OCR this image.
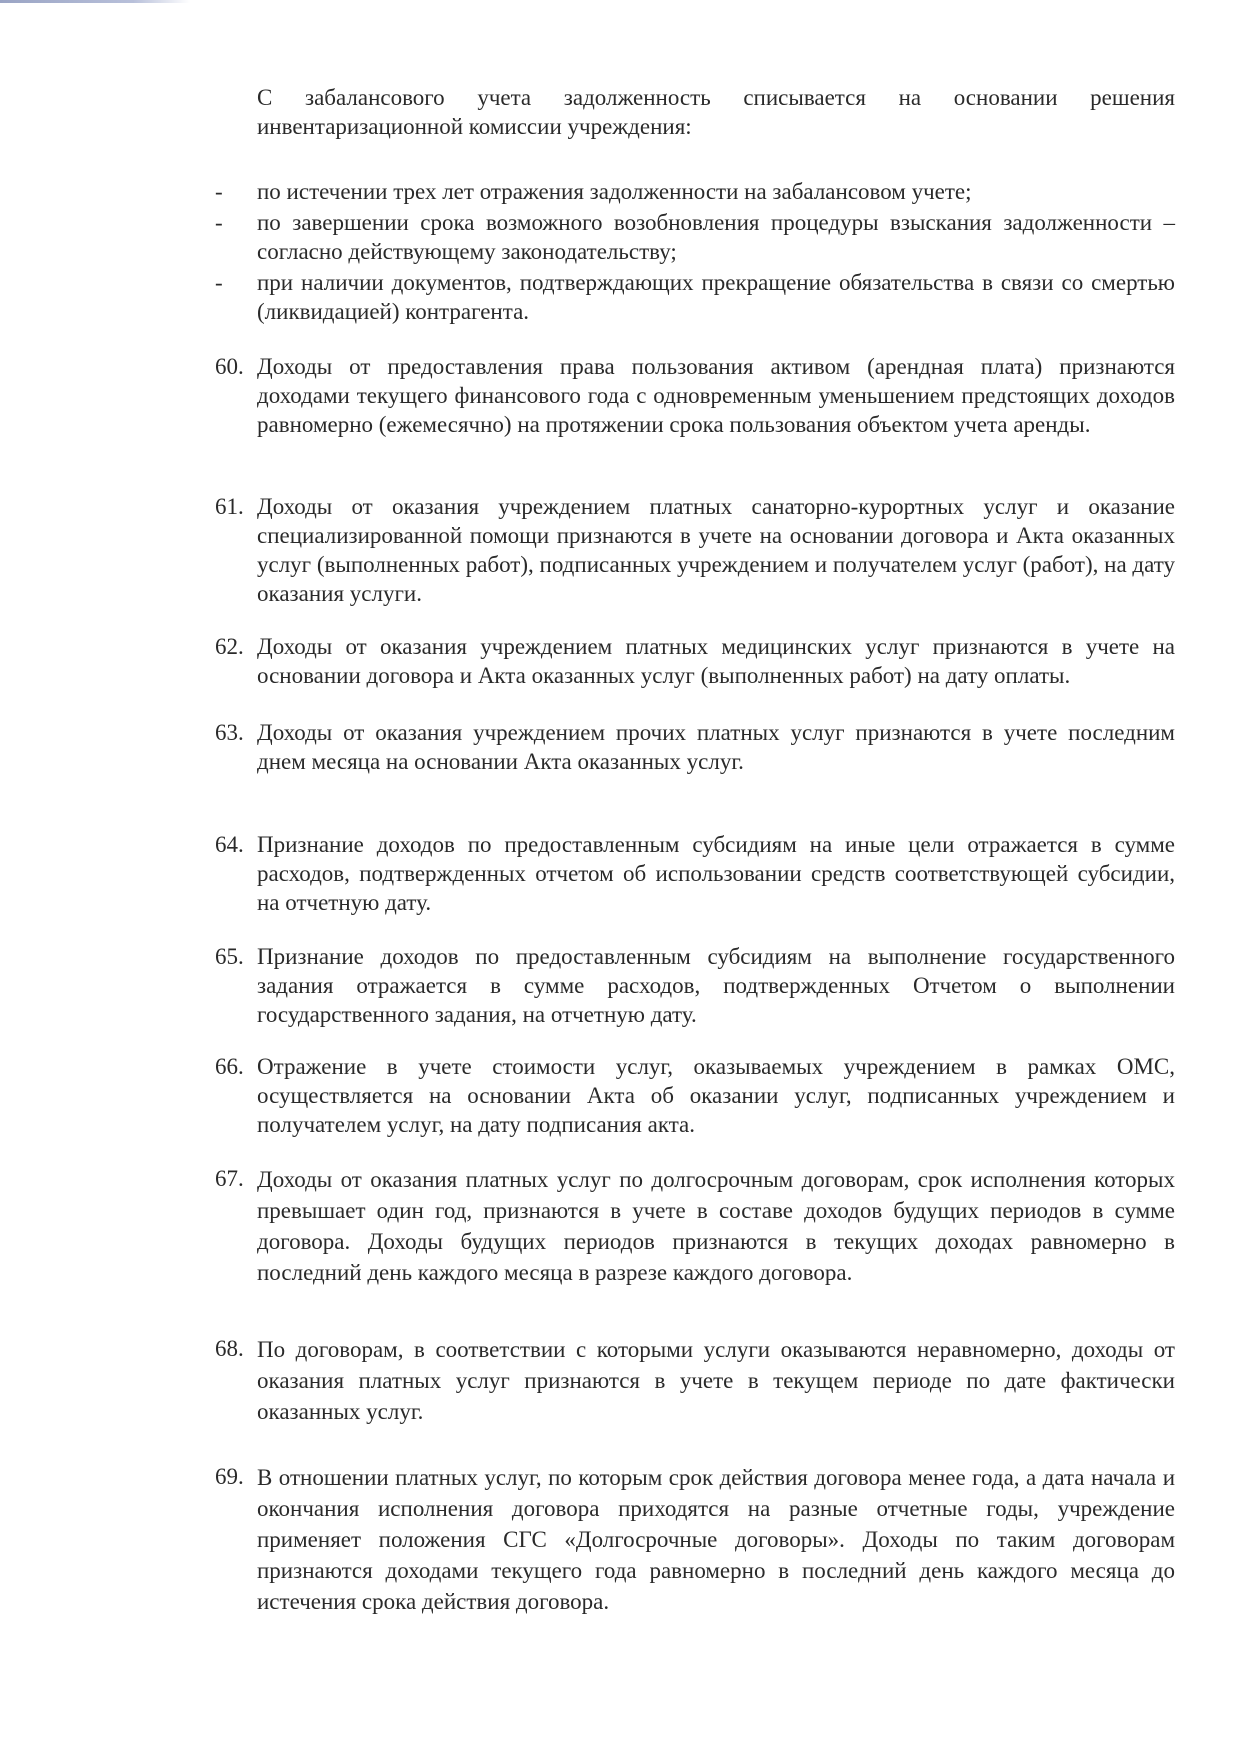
С забалансового учета задолженность списывается на основании решения инвентаризационной комиссии учреждения:

-	по истечении трех лет отражения задолженности на забалансовом учете;
-	по завершении срока возможного возобновления процедуры взыскания задолженности – согласно действующему законодательству;
-	при наличии документов, подтверждающих прекращение обязательства в связи со смертью (ликвидацией) контрагента.
60. Доходы от предоставления права пользования активом (арендная плата) признаются доходами текущего финансового года с одновременным уменьшением предстоящих доходов равномерно (ежемесячно) на протяжении срока пользования объектом учета аренды.
61. Доходы от оказания учреждением платных санаторно-курортных услуг и оказание специализированной помощи признаются в учете на основании договора и Акта оказанных услуг (выполненных работ), подписанных учреждением и получателем услуг (работ), на дату оказания услуги.
62. Доходы от оказания учреждением платных медицинских услуг признаются в учете на основании договора и Акта оказанных услуг (выполненных работ) на дату оплаты.
63. Доходы от оказания учреждением прочих платных услуг признаются в учете последним днем месяца на основании Акта оказанных услуг.
64. Признание доходов по предоставленным субсидиям на иные цели отражается в сумме расходов, подтвержденных отчетом об использовании средств соответствующей субсидии, на отчетную дату.
65. Признание доходов по предоставленным субсидиям на выполнение государственного задания отражается в сумме расходов, подтвержденных Отчетом о выполнении государственного задания, на отчетную дату.
66. Отражение в учете стоимости услуг, оказываемых учреждением в рамках ОМС, осуществляется на основании Акта об оказании услуг, подписанных учреждением и получателем услуг, на дату подписания акта.
67. Доходы от оказания платных услуг по долгосрочным договорам, срок исполнения которых превышает один год, признаются в учете в составе доходов будущих периодов в сумме договора. Доходы будущих периодов признаются в текущих доходах равномерно в последний день каждого месяца в разрезе каждого договора.
68. По договорам, в соответствии с которыми услуги оказываются неравномерно, доходы от оказания платных услуг признаются в учете в текущем периоде по дате фактически оказанных услуг.
69. В отношении платных услуг, по которым срок действия договора менее года, а дата начала и окончания исполнения договора приходятся на разные отчетные годы, учреждение применяет положения СГС «Долгосрочные договоры». Доходы по таким договорам признаются доходами текущего года равномерно в последний день каждого месяца до истечения срока действия договора.
